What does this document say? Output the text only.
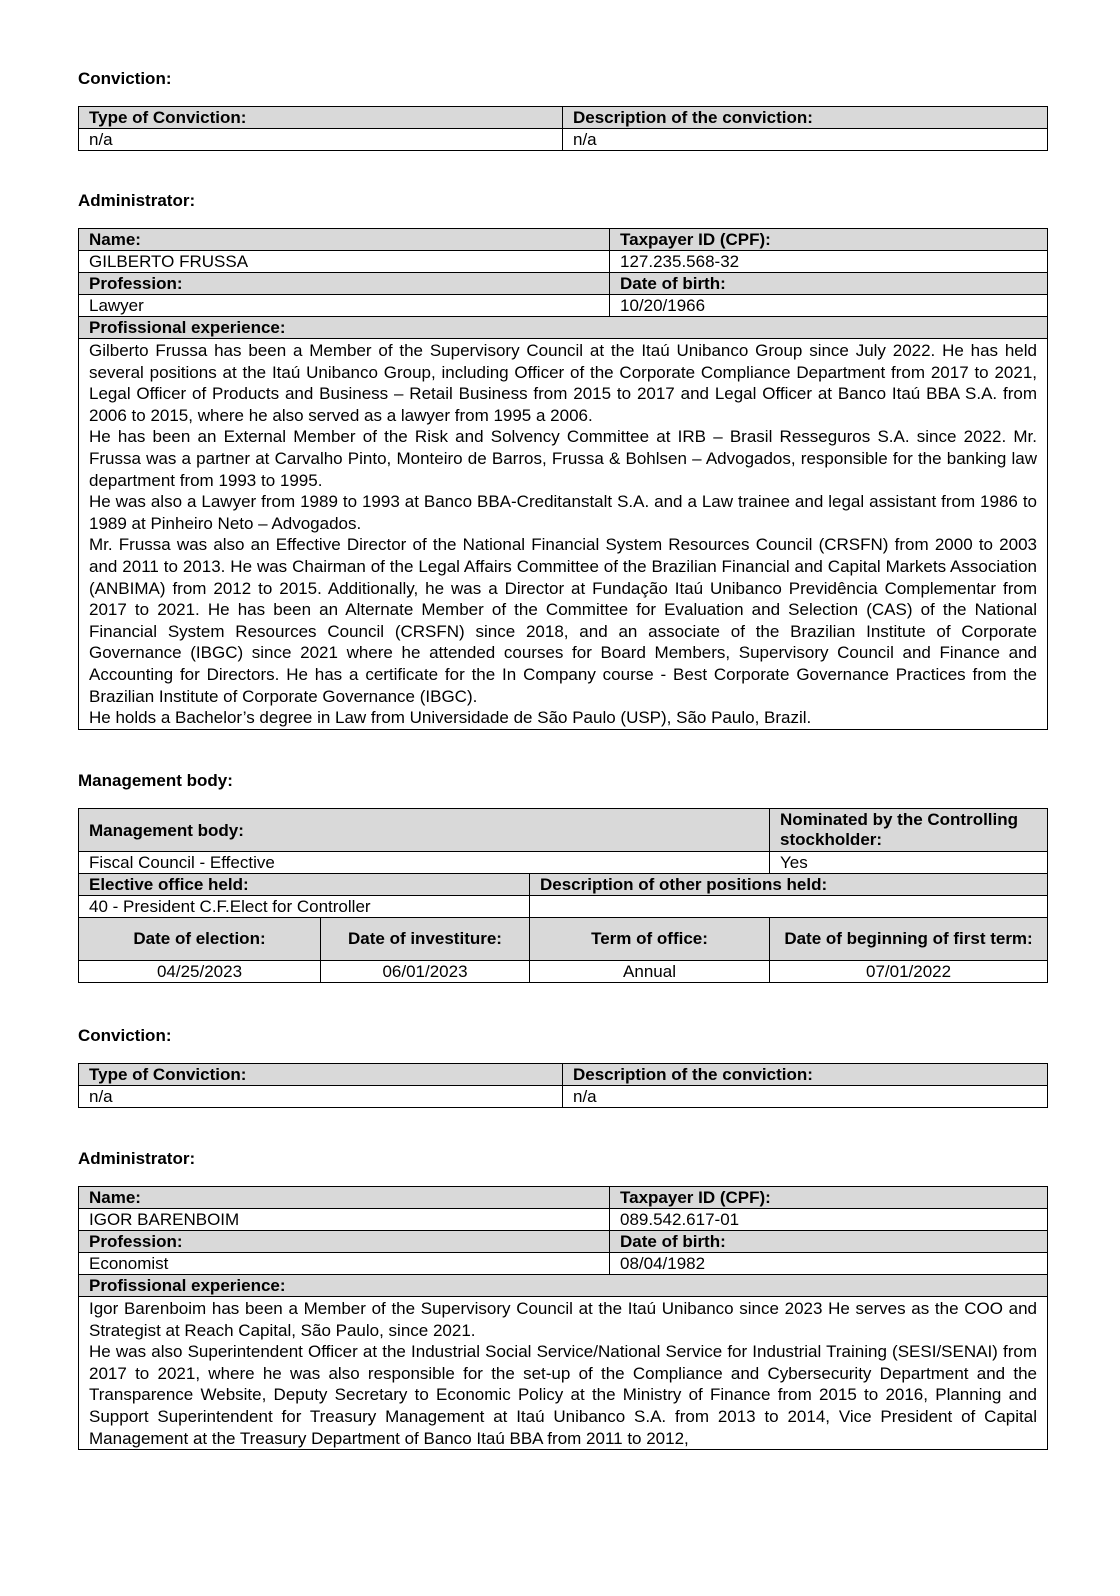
Conviction:
Type of Conviction:	Description of the conviction:
n/a	n/a
Administrator:
Name:	Taxpayer ID (CPF):
GILBERTO FRUSSA	127.235.568-32
Profession:	Date of birth:
Lawyer	10/20/1966
Profissional experience:	

Gilberto Frussa has been a Member of the Supervisory Council at the Itaú Unibanco Group since July 2022. He has held several positions at the Itaú Unibanco Group, including Officer of the Corporate Compliance Department from 2017 to 2021, Legal Officer of Products and Business – Retail Business from 2015 to 2017 and Legal Officer at Banco Itaú BBA S.A. from 2006 to 2015, where he also served as a lawyer from 1995 a 2006.

He has been an External Member of the Risk and Solvency Committee at IRB – Brasil Resseguros S.A. since 2022. Mr. Frussa was a partner at Carvalho Pinto, Monteiro de Barros, Frussa & Bohlsen – Advogados, responsible for the banking law department from 1993 to 1995.

He was also a Lawyer from 1989 to 1993 at Banco BBA-Creditanstalt S.A. and a Law trainee and legal assistant from 1986 to 1989 at Pinheiro Neto – Advogados.

Mr. Frussa was also an Effective Director of the National Financial System Resources Council (CRSFN) from 2000 to 2003 and 2011 to 2013. He was Chairman of the Legal Affairs Committee of the Brazilian Financial and Capital Markets Association (ANBIMA) from 2012 to 2015. Additionally, he was a Director at Fundação Itaú Unibanco Previdência Complementar from 2017 to 2021. He has been an Alternate Member of the Committee for Evaluation and Selection (CAS) of the National Financial System Resources Council (CRSFN) since 2018, and an associate of the Brazilian Institute of Corporate Governance (IBGC) since 2021 where he attended courses for Board Members, Supervisory Council and Finance and Accounting for Directors. He has a certificate for the In Company course - Best Corporate Governance Practices from the Brazilian Institute of Corporate Governance (IBGC).

He holds a Bachelor’s degree in Law from Universidade de São Paulo (USP), São Paulo, Brazil.	

Management body:
Management body:			Nominated by the Controlling stockholder:
Fiscal Council - Effective			Yes
Elective office held:		Description of other positions held:	
40 - President C.F.Elect for Controller			
Date of election:	Date of investiture:	Term of office:	Date of beginning of first term:
04/25/2023	06/01/2023	Annual	07/01/2022
Conviction:
Type of Conviction:	Description of the conviction:
n/a	n/a
Administrator:
Name:	Taxpayer ID (CPF):
IGOR BARENBOIM	089.542.617-01
Profession:	Date of birth:
Economist	08/04/1982
Profissional experience:	

Igor Barenboim has been a Member of the Supervisory Council at the Itaú Unibanco since 2023 He serves as the COO and Strategist at Reach Capital, São Paulo, since 2021.

He was also Superintendent Officer at the Industrial Social Service/National Service for Industrial Training (SESI/SENAI) from 2017 to 2021, where he was also responsible for the set-up of the Compliance and Cybersecurity Department and the Transparence Website, Deputy Secretary to Economic Policy at the Ministry of Finance from 2015 to 2016, Planning and Support Superintendent for Treasury Management at Itaú Unibanco S.A. from 2013 to 2014, Vice President of Capital Management at the Treasury Department of Banco Itaú BBA from 2011 to 2012,	
